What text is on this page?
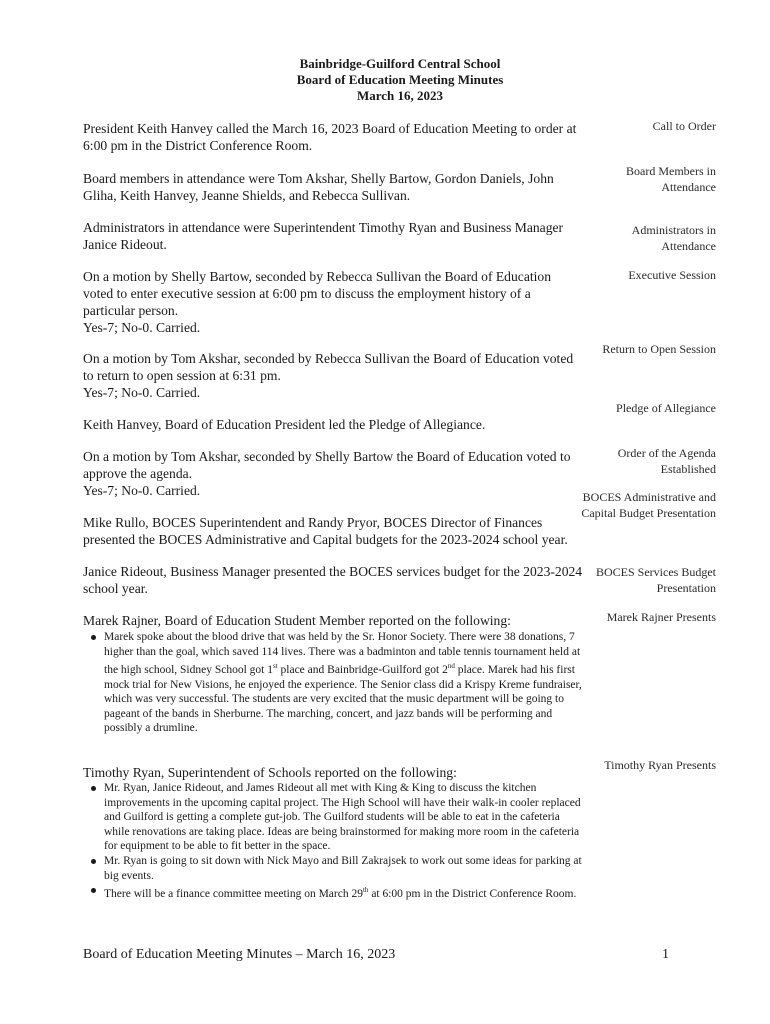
Bainbridge-Guilford Central School
Board of Education Meeting Minutes
March 16, 2023
President Keith Hanvey called the March 16, 2023 Board of Education Meeting to order at 6:00 pm in the District Conference Room.
Board members in attendance were Tom Akshar, Shelly Bartow, Gordon Daniels, John Gliha, Keith Hanvey, Jeanne Shields, and Rebecca Sullivan.
Administrators in attendance were Superintendent Timothy Ryan and Business Manager Janice Rideout.
On a motion by Shelly Bartow, seconded by Rebecca Sullivan the Board of Education voted to enter executive session at 6:00 pm to discuss the employment history of a particular person.
Yes-7; No-0. Carried.
On a motion by Tom Akshar, seconded by Rebecca Sullivan the Board of Education voted to return to open session at 6:31 pm.
Yes-7; No-0. Carried.
Keith Hanvey, Board of Education President led the Pledge of Allegiance.
On a motion by Tom Akshar, seconded by Shelly Bartow the Board of Education voted to approve the agenda.
Yes-7; No-0. Carried.
Mike Rullo, BOCES Superintendent and Randy Pryor, BOCES Director of Finances presented the BOCES Administrative and Capital budgets for the 2023-2024 school year.
Janice Rideout, Business Manager presented the BOCES services budget for the 2023-2024 school year.
Marek Rajner, Board of Education Student Member reported on the following:
Marek spoke about the blood drive that was held by the Sr. Honor Society. There were 38 donations, 7 higher than the goal, which saved 114 lives. There was a badminton and table tennis tournament held at the high school, Sidney School got 1st place and Bainbridge-Guilford got 2nd place. Marek had his first mock trial for New Visions, he enjoyed the experience. The Senior class did a Krispy Kreme fundraiser, which was very successful. The students are very excited that the music department will be going to pageant of the bands in Sherburne. The marching, concert, and jazz bands will be performing and possibly a drumline.
Timothy Ryan, Superintendent of Schools reported on the following:
Mr. Ryan, Janice Rideout, and James Rideout all met with King & King to discuss the kitchen improvements in the upcoming capital project. The High School will have their walk-in cooler replaced and Guilford is getting a complete gut-job. The Guilford students will be able to eat in the cafeteria while renovations are taking place. Ideas are being brainstormed for making more room in the cafeteria for equipment to be able to fit better in the space.
Mr. Ryan is going to sit down with Nick Mayo and Bill Zakrajsek to work out some ideas for parking at big events.
There will be a finance committee meeting on March 29th at 6:00 pm in the District Conference Room.
Call to Order
Board Members in Attendance
Administrators in Attendance
Executive Session
Return to Open Session
Pledge of Allegiance
Order of the Agenda Established
BOCES Administrative and Capital Budget Presentation
BOCES Services Budget Presentation
Marek Rajner Presents
Timothy Ryan Presents
Board of Education Meeting Minutes – March 16, 2023	1
